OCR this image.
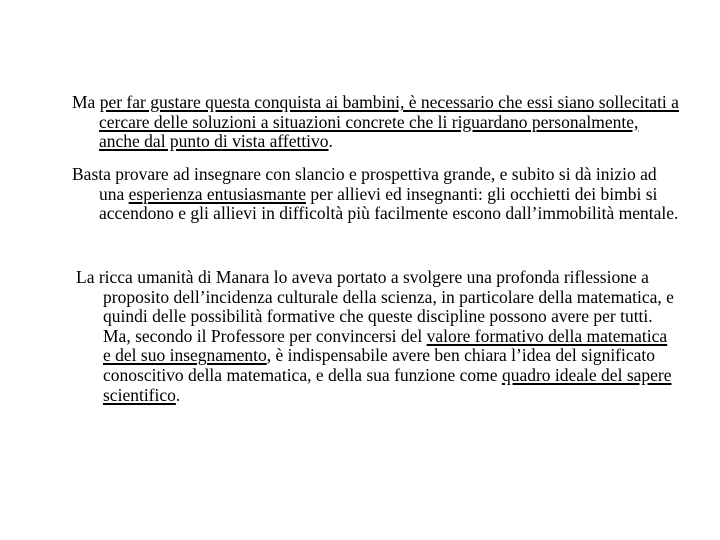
Ma per far gustare questa conquista ai bambini, è necessario che essi siano sollecitati a cercare delle soluzioni a situazioni concrete che li riguardano personalmente, anche dal punto di vista affettivo.

Basta provare ad insegnare con slancio e prospettiva grande, e subito si dà inizio ad una esperienza entusiasmante per allievi ed insegnanti: gli occhietti dei bimbi si accendono e gli allievi in difficoltà più facilmente escono dall’immobilità mentale.

La ricca umanità di Manara lo aveva portato a svolgere una profonda riflessione a proposito dell’incidenza culturale della scienza, in particolare della matematica, e quindi delle possibilità formative che queste discipline possono avere per tutti. Ma, secondo il Professore per convincersi del valore formativo della matematica e del suo insegnamento, è indispensabile avere ben chiara l’idea del significato conoscitivo della matematica, e della sua funzione come quadro ideale del sapere scientifico.
